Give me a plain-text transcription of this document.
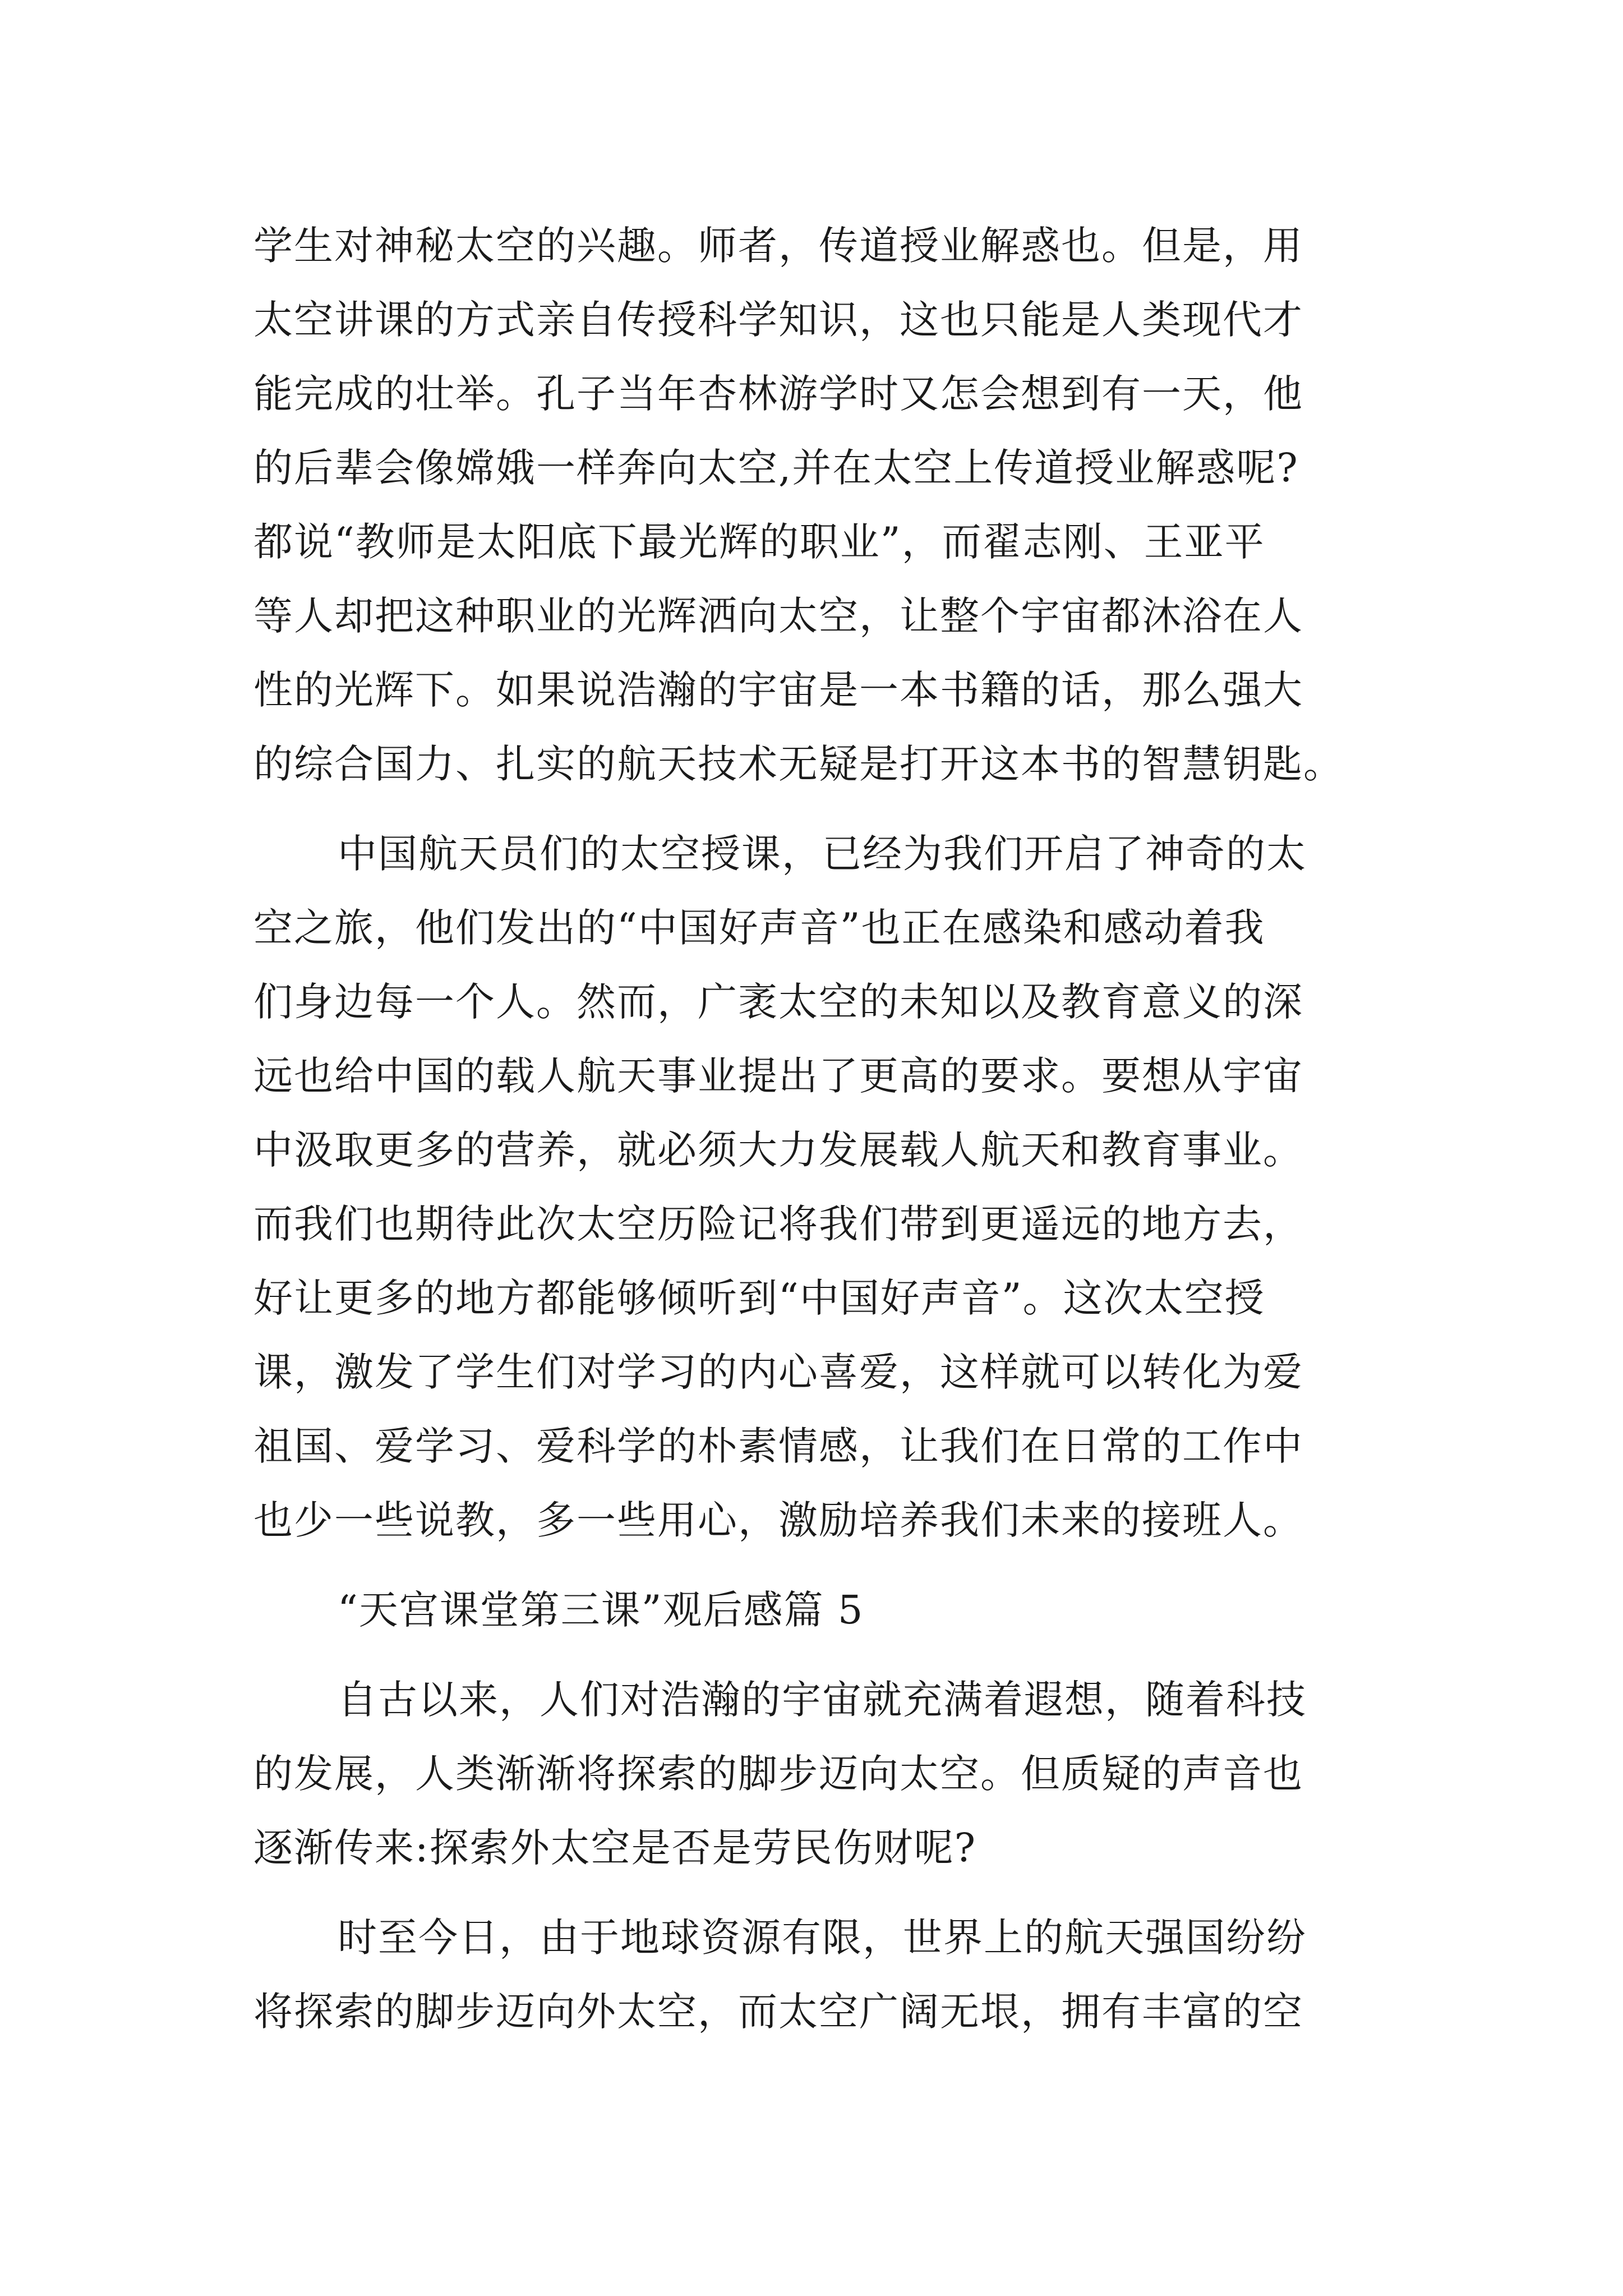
学生对神秘太空的兴趣。师者，传道授业解惑也。但是，用
太空讲课的方式亲自传授科学知识，这也只能是人类现代才
能完成的壮举。孔子当年杏林游学时又怎会想到有一天，他
的后辈会像嫦娥一样奔向太空,并在太空上传道授业解惑呢?
都说“教师是太阳底下最光辉的职业”，而翟志刚、王亚平
等人却把这种职业的光辉洒向太空，让整个宇宙都沐浴在人
性的光辉下。如果说浩瀚的宇宙是一本书籍的话，那么强大
的综合国力、扎实的航天技术无疑是打开这本书的智慧钥匙。
中国航天员们的太空授课，已经为我们开启了神奇的太
空之旅，他们发出的“中国好声音”也正在感染和感动着我
们身边每一个人。然而，广袤太空的未知以及教育意义的深
远也给中国的载人航天事业提出了更高的要求。要想从宇宙
中汲取更多的营养，就必须大力发展载人航天和教育事业。
而我们也期待此次太空历险记将我们带到更遥远的地方去，
好让更多的地方都能够倾听到“中国好声音”。这次太空授
课，激发了学生们对学习的内心喜爱，这样就可以转化为爱
祖国、爱学习、爱科学的朴素情感，让我们在日常的工作中
也少一些说教，多一些用心，激励培养我们未来的接班人。
“天宫课堂第三课”观后感篇 5
自古以来，人们对浩瀚的宇宙就充满着遐想，随着科技
的发展，人类渐渐将探索的脚步迈向太空。但质疑的声音也
逐渐传来:探索外太空是否是劳民伤财呢?
时至今日，由于地球资源有限，世界上的航天强国纷纷
将探索的脚步迈向外太空，而太空广阔无垠，拥有丰富的空
